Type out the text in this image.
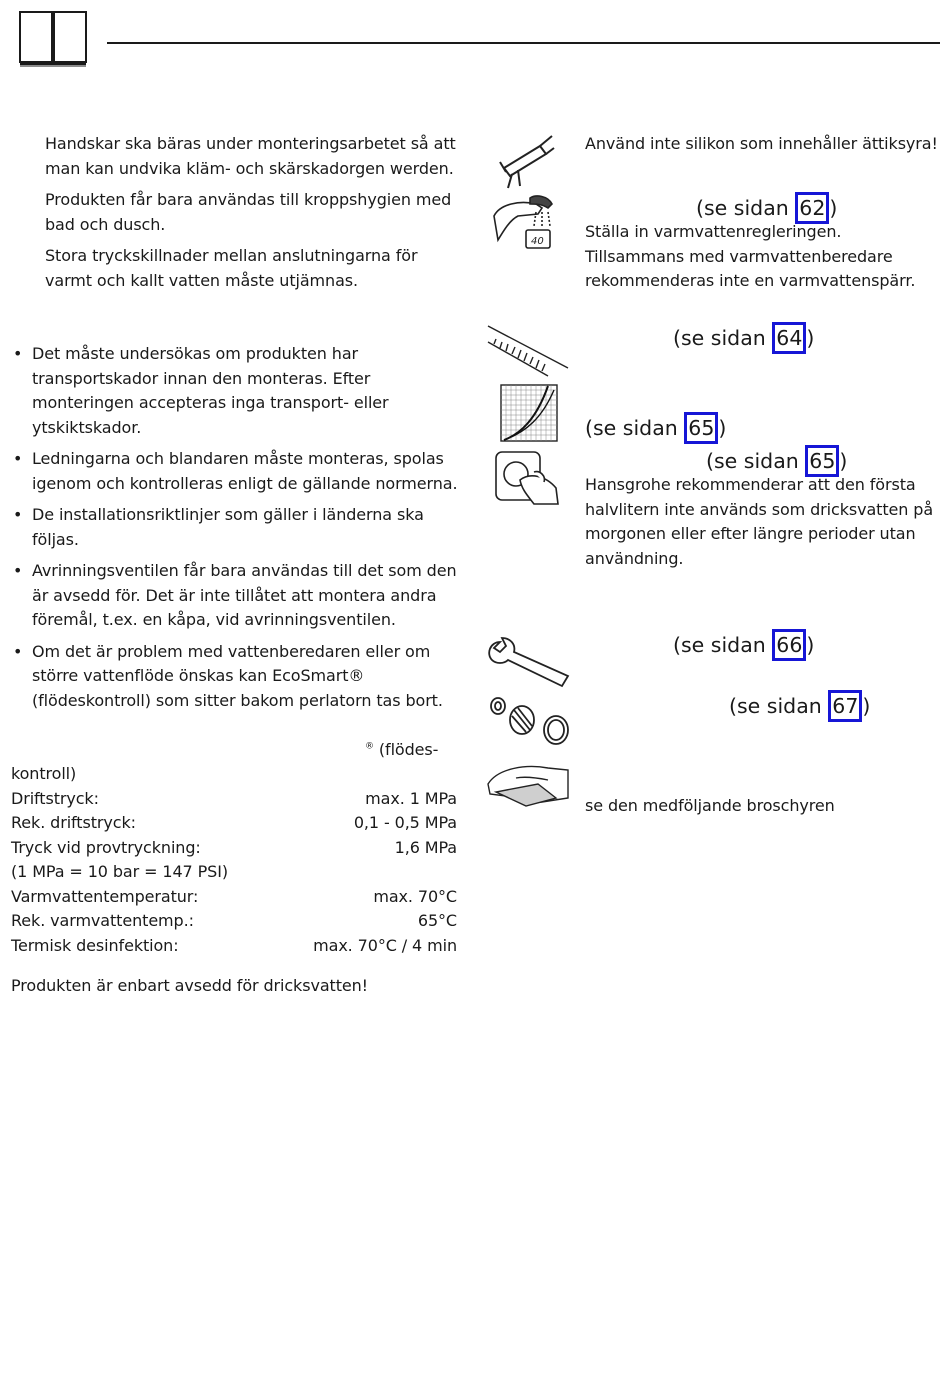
Handskar ska bäras under monteringsarbetet så att man kan undvika kläm- och skärskadorgen werden.

Produkten får bara användas till kroppshygien med bad och dusch.

Stora tryckskillnader mellan anslutningarna för varmt och kallt vatten måste utjämnas.

• Det måste undersökas om produkten har transportskador innan den monteras. Efter monteringen accepteras inga transport- eller ytskiktskador.
• Ledningarna och blandaren måste monteras, spolas igenom och kontrolleras enligt de gällande normerna.
• De installationsriktlinjer som gäller i länderna ska följas.
• Avrinningsventilen får bara användas till det som den är avsedd för. Det är inte tillåtet att montera andra föremål, t.ex. en kåpa, vid avrinningsventilen.
• Om det är problem med vattenberedaren eller om större vattenflöde önskas kan EcoSmart® (flödeskontroll) som sitter bakom perlatorn tas bort.
® (flödes-
kontroll)
Driftstryck:	max. 1 MPa
Rek. driftstryck:	0,1 - 0,5 MPa
Tryck vid provtryckning:	1,6 MPa
(1 MPa = 10 bar = 147 PSI)
Varmvattentemperatur:	max. 70°C
Rek. varmvattentemp.:	65°C
Termisk desinfektion:	max. 70°C / 4 min
Produkten är enbart avsedd för dricksvatten!
40
Använd inte silikon som innehåller ättiksyra!
(se sidan 62 )
Ställa in varmvattenregleringen. Tillsammans med varmvattenberedare rekommenderas inte en varmvattenspärr.
(se sidan 64 )
(se sidan 65 )
(se sidan 65 )
Hansgrohe rekommenderar att den första halvlitern inte används som dricksvatten på morgonen eller efter längre perioder utan användning.
(se sidan 66 )
(se sidan 67 )
se den medföljande broschyren
